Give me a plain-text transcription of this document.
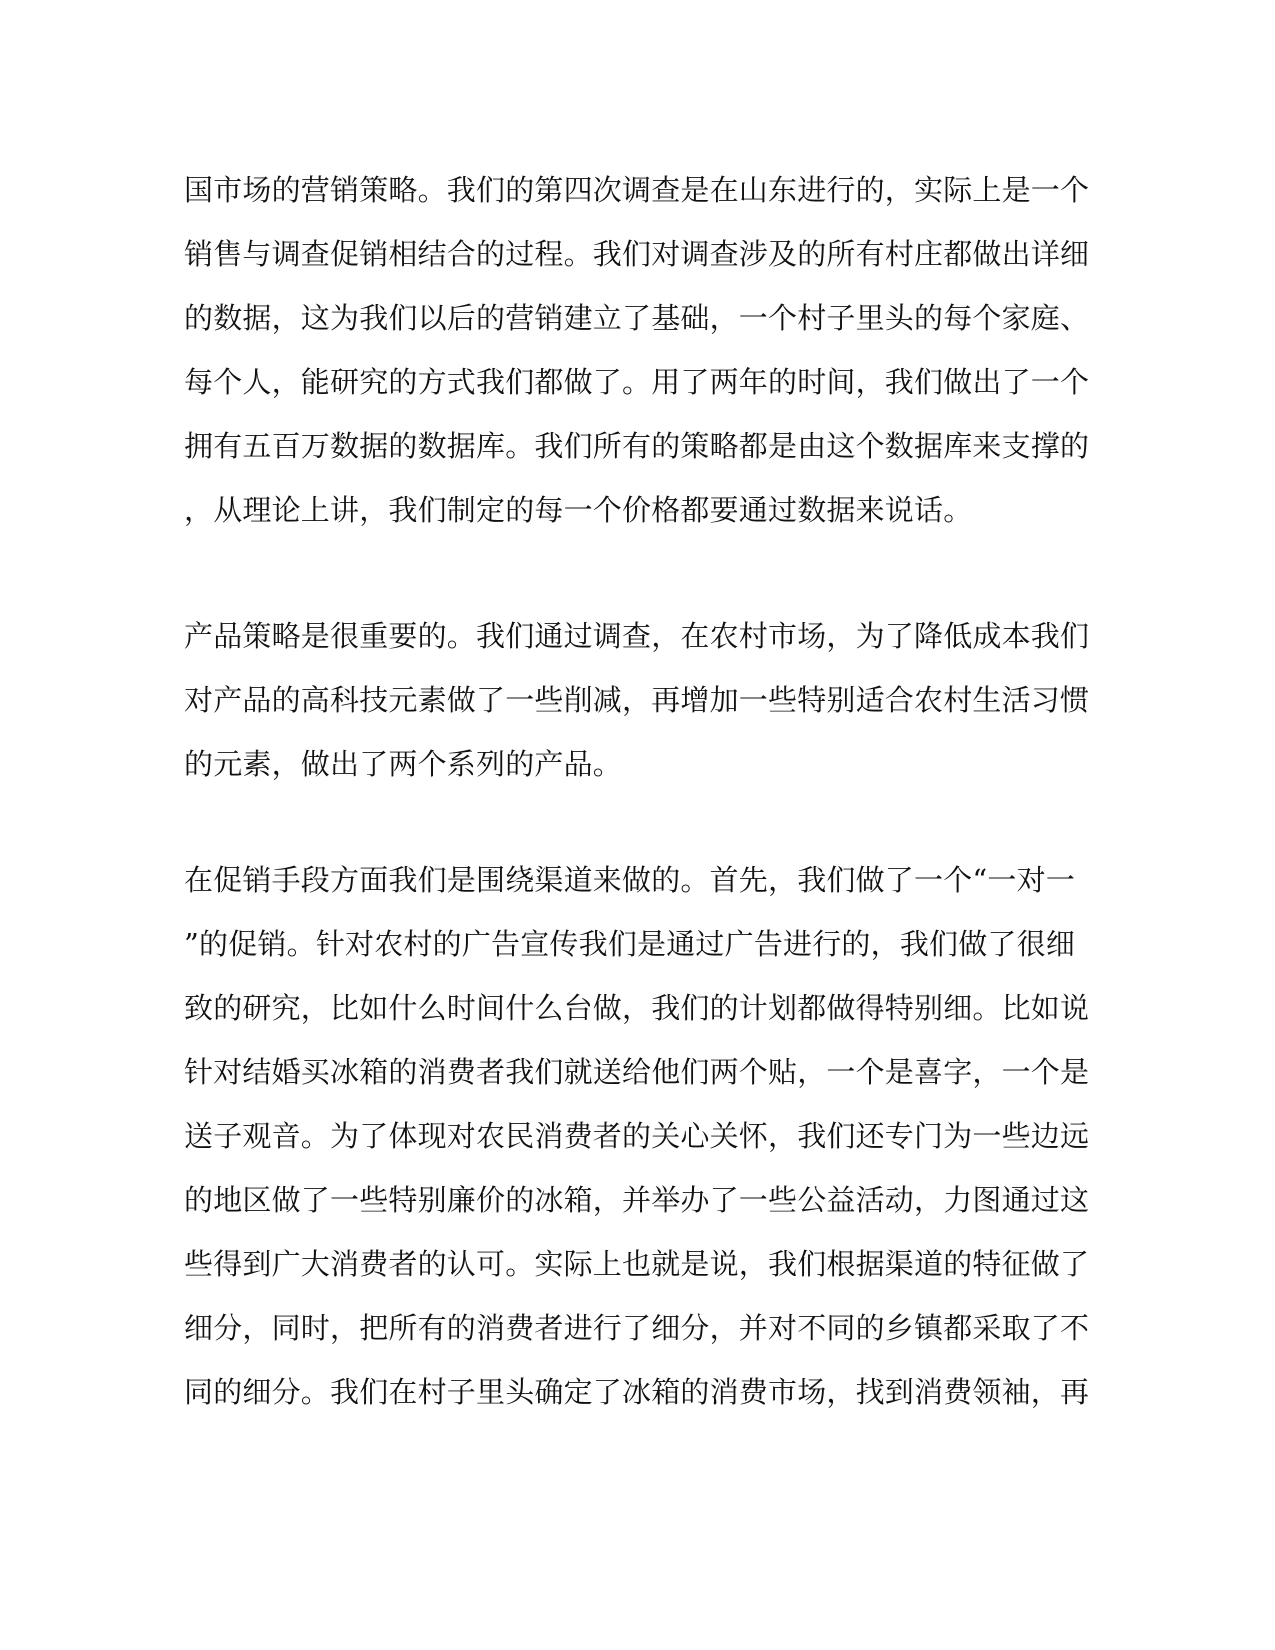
国市场的营销策略。我们的第四次调查是在山东进行的，实际上是一个
销售与调查促销相结合的过程。我们对调查涉及的所有村庄都做出详细
的数据，这为我们以后的营销建立了基础，一个村子里头的每个家庭、
每个人，能研究的方式我们都做了。用了两年的时间，我们做出了一个
拥有五百万数据的数据库。我们所有的策略都是由这个数据库来支撑的
，从理论上讲，我们制定的每一个价格都要通过数据来说话。
产品策略是很重要的。我们通过调查，在农村市场，为了降低成本我们
对产品的高科技元素做了一些削减，再增加一些特别适合农村生活习惯
的元素，做出了两个系列的产品。
在促销手段方面我们是围绕渠道来做的。首先，我们做了一个“一对一
”的促销。针对农村的广告宣传我们是通过广告进行的，我们做了很细
致的研究，比如什么时间什么台做，我们的计划都做得特别细。比如说
针对结婚买冰箱的消费者我们就送给他们两个贴，一个是喜字，一个是
送子观音。为了体现对农民消费者的关心关怀，我们还专门为一些边远
的地区做了一些特别廉价的冰箱，并举办了一些公益活动，力图通过这
些得到广大消费者的认可。实际上也就是说，我们根据渠道的特征做了
细分，同时，把所有的消费者进行了细分，并对不同的乡镇都采取了不
同的细分。我们在村子里头确定了冰箱的消费市场，找到消费领袖，再
